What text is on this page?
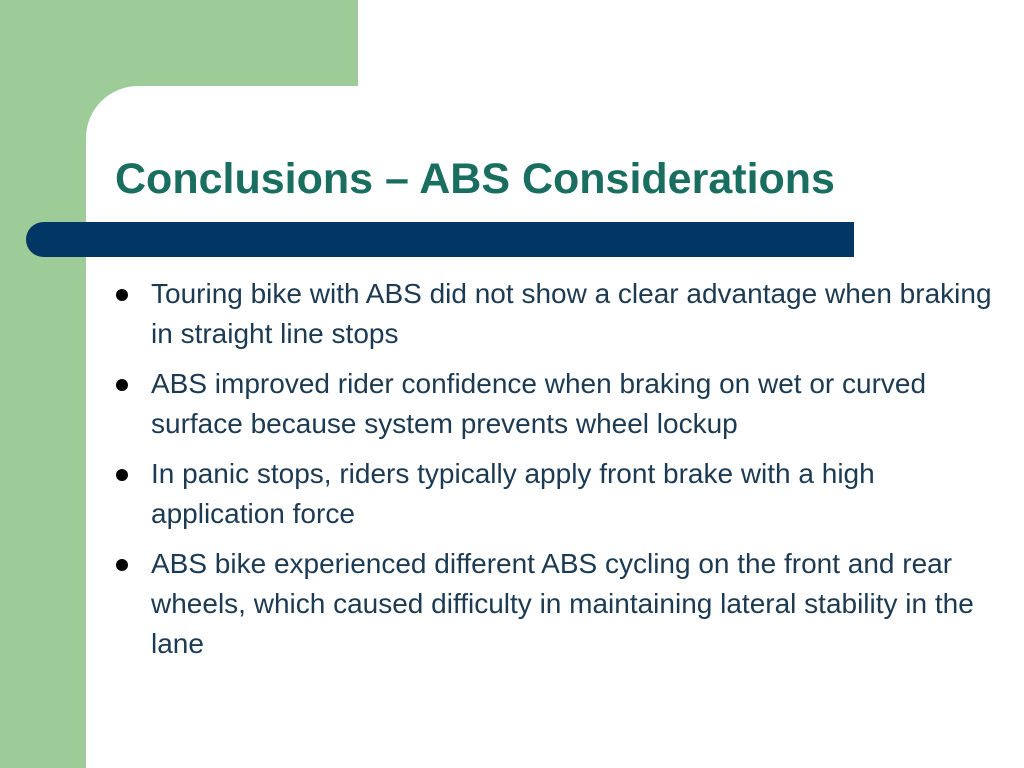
Conclusions – ABS Considerations
Touring bike with ABS did not show a clear advantage when braking in straight line stops
ABS improved rider confidence when braking on wet or curved surface because system prevents wheel lockup
In panic stops, riders typically apply front brake with a high application force
ABS bike experienced different ABS cycling on the front and rear wheels, which caused difficulty in maintaining lateral stability in the lane
